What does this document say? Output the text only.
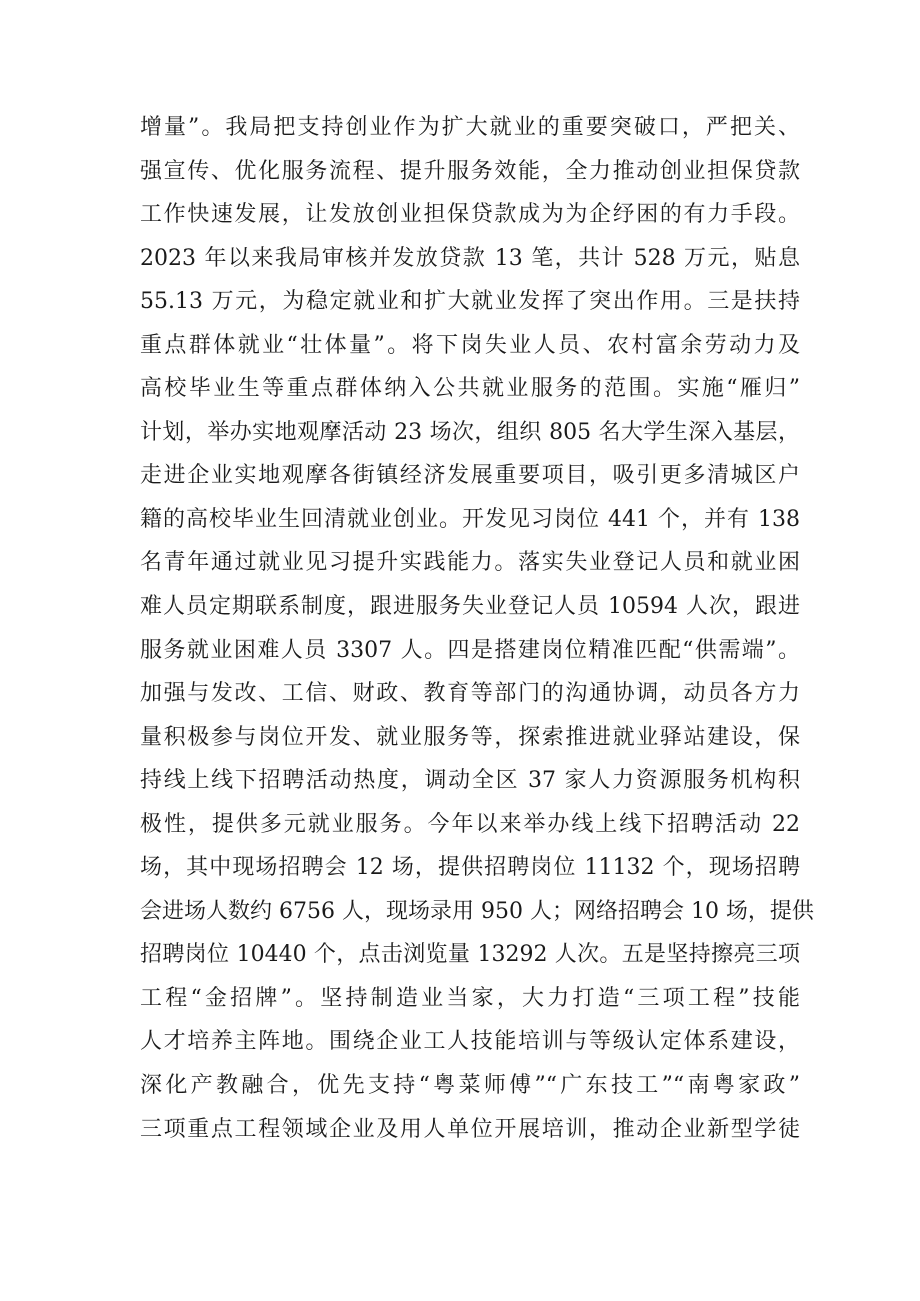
增量”。我局把支持创业作为扩大就业的重要突破口，严把关、
强宣传、优化服务流程、提升服务效能，全力推动创业担保贷款
工作快速发展，让发放创业担保贷款成为为企纾困的有力手段。
2023 年以来我局审核并发放贷款 13 笔，共计 528 万元，贴息
55.13 万元，为稳定就业和扩大就业发挥了突出作用。三是扶持
重点群体就业“壮体量”。将下岗失业人员、农村富余劳动力及
高校毕业生等重点群体纳入公共就业服务的范围。实施“雁归”
计划，举办实地观摩活动 23 场次，组织 805 名大学生深入基层，
走进企业实地观摩各街镇经济发展重要项目，吸引更多清城区户
籍的高校毕业生回清就业创业。开发见习岗位 441 个，并有 138
名青年通过就业见习提升实践能力。落实失业登记人员和就业困
难人员定期联系制度，跟进服务失业登记人员 10594 人次，跟进
服务就业困难人员 3307 人。四是搭建岗位精准匹配“供需端”。
加强与发改、工信、财政、教育等部门的沟通协调，动员各方力
量积极参与岗位开发、就业服务等，探索推进就业驿站建设，保
持线上线下招聘活动热度，调动全区 37 家人力资源服务机构积
极性，提供多元就业服务。今年以来举办线上线下招聘活动 22
场，其中现场招聘会 12 场，提供招聘岗位 11132 个，现场招聘
会进场人数约 6756 人，现场录用 950 人；网络招聘会 10 场，提供
招聘岗位 10440 个，点击浏览量 13292 人次。五是坚持擦亮三项
工程“金招牌”。坚持制造业当家，大力打造“三项工程”技能
人才培养主阵地。围绕企业工人技能培训与等级认定体系建设，
深化产教融合，优先支持“粤菜师傅”“广东技工”“南粤家政”
三项重点工程领域企业及用人单位开展培训，推动企业新型学徒
